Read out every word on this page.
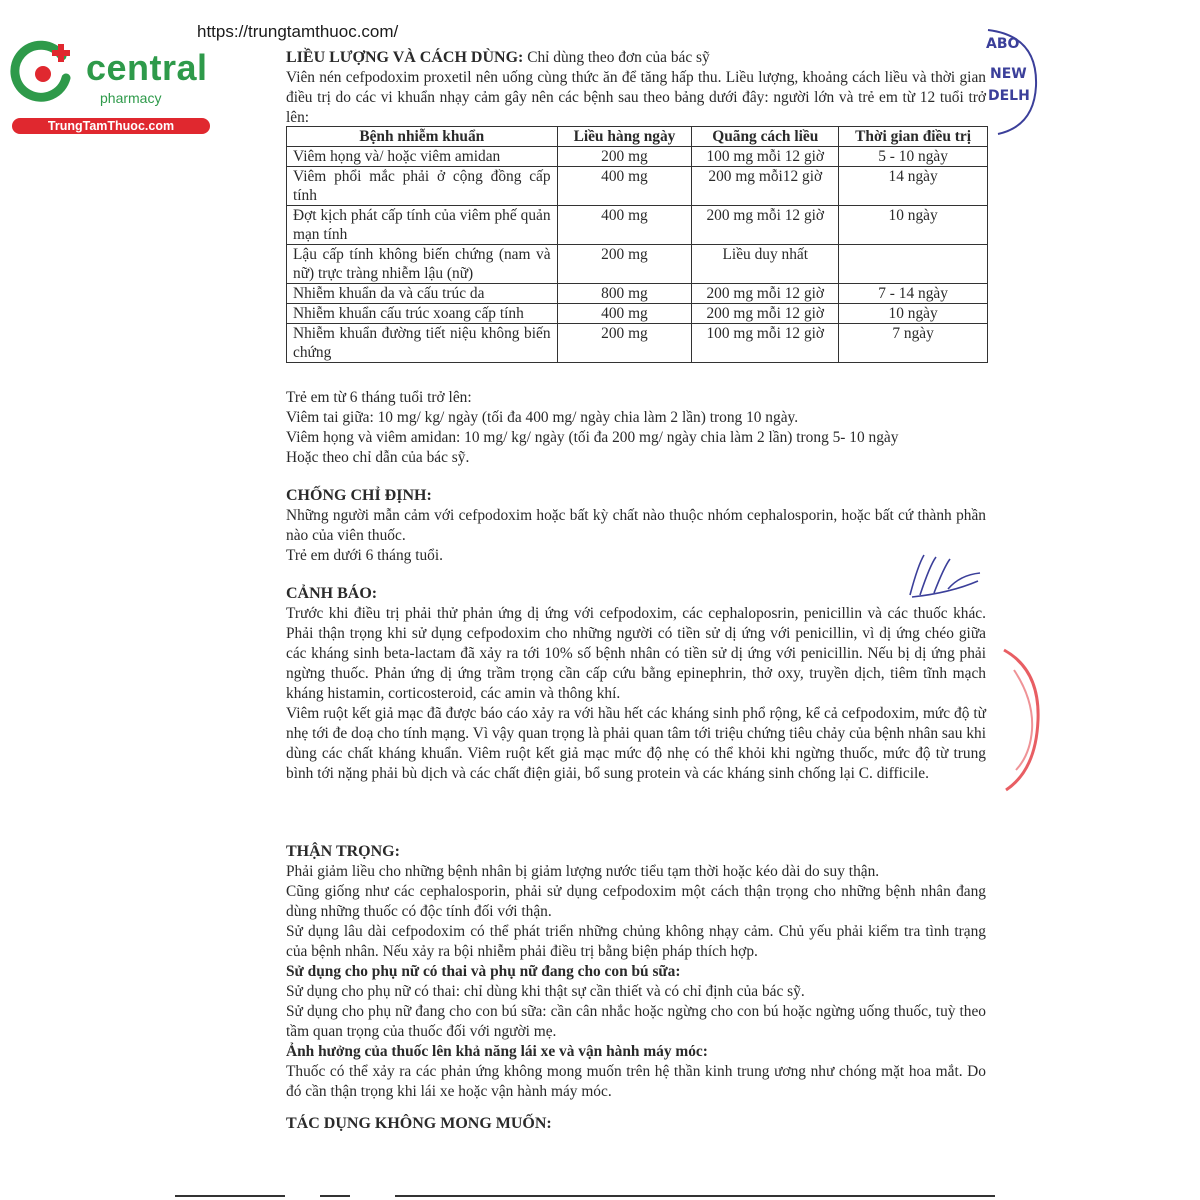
https://trungtamthuoc.com/
central
pharmacy
TrungTamThuoc.com
ABO
NEW
DELH

LIỀU LƯỢNG VÀ CÁCH DÙNG: Chỉ dùng theo đơn của bác sỹ

Viên nén cefpodoxim proxetil nên uống cùng thức ăn để tăng hấp thu. Liều lượng, khoảng cách liều và thời gian điều trị do các vi khuẩn nhạy cảm gây nên các bệnh sau theo bảng dưới đây: người lớn và trẻ em từ 12 tuổi trở lên:

Bệnh nhiễm khuẩn	Liều hàng ngày	Quãng cách liều	Thời gian điều trị
Viêm họng và/ hoặc viêm amidan	200 mg	100 mg mỗi 12 giờ	5 - 10 ngày
Viêm phổi mắc phải ở cộng đồng cấp tính	400 mg	200 mg mỗi12 giờ	14 ngày
Đợt kịch phát cấp tính của viêm phế quản mạn tính	400 mg	200 mg mỗi 12 giờ	10 ngày
Lậu cấp tính không biến chứng (nam và nữ) trực tràng nhiễm lậu (nữ)	200 mg	Liều duy nhất	
Nhiễm khuẩn da và cấu trúc da	800 mg	200 mg mỗi 12 giờ	7 - 14 ngày
Nhiễm khuẩn cấu trúc xoang cấp tính	400 mg	200 mg mỗi 12 giờ	10 ngày
Nhiễm khuẩn đường tiết niệu không biến chứng	200 mg	100 mg mỗi 12 giờ	7 ngày

Trẻ em từ 6 tháng tuổi trở lên:

Viêm tai giữa: 10 mg/ kg/ ngày (tối đa 400 mg/ ngày chia làm 2 lần) trong 10 ngày.

Viêm họng và viêm amidan: 10 mg/ kg/ ngày (tối đa 200 mg/ ngày chia làm 2 lần) trong 5- 10 ngày

Hoặc theo chỉ dẫn của bác sỹ.

CHỐNG CHỈ ĐỊNH:

Những người mẫn cảm với cefpodoxim hoặc bất kỳ chất nào thuộc nhóm cephalosporin, hoặc bất cứ thành phần nào của viên thuốc.

Trẻ em dưới 6 tháng tuổi.

CẢNH BÁO:

Trước khi điều trị phải thử phản ứng dị ứng với cefpodoxim, các cephaloposrin, penicillin và các thuốc khác. Phải thận trọng khi sử dụng cefpodoxim cho những người có tiền sử dị ứng với penicillin, vì dị ứng chéo giữa các kháng sinh beta-lactam đã xảy ra tới 10% số bệnh nhân có tiền sử dị ứng với penicillin. Nếu bị dị ứng phải ngừng thuốc. Phản ứng dị ứng trầm trọng cần cấp cứu bằng epinephrin, thở oxy, truyền dịch, tiêm tĩnh mạch kháng histamin, corticosteroid, các amin và thông khí.

Viêm ruột kết giả mạc đã được báo cáo xảy ra với hầu hết các kháng sinh phổ rộng, kể cả cefpodoxim, mức độ từ nhẹ tới đe doạ cho tính mạng. Vì vậy quan trọng là phải quan tâm tới triệu chứng tiêu chảy của bệnh nhân sau khi dùng các chất kháng khuẩn. Viêm ruột kết giả mạc mức độ nhẹ có thể khỏi khi ngừng thuốc, mức độ từ trung bình tới nặng phải bù dịch và các chất điện giải, bổ sung protein và các kháng sinh chống lại C. difficile.

THẬN TRỌNG:

Phải giảm liều cho những bệnh nhân bị giảm lượng nước tiểu tạm thời hoặc kéo dài do suy thận.

Cũng giống như các cephalosporin, phải sử dụng cefpodoxim một cách thận trọng cho những bệnh nhân đang dùng những thuốc có độc tính đối với thận.

Sử dụng lâu dài cefpodoxim có thể phát triển những chủng không nhạy cảm. Chủ yếu phải kiểm tra tình trạng của bệnh nhân. Nếu xảy ra bội nhiễm phải điều trị bằng biện pháp thích hợp.

Sử dụng cho phụ nữ có thai và phụ nữ đang cho con bú sữa:

Sử dụng cho phụ nữ có thai: chỉ dùng khi thật sự cần thiết và có chỉ định của bác sỹ.

Sử dụng cho phụ nữ đang cho con bú sữa: cần cân nhắc hoặc ngừng cho con bú hoặc ngừng uống thuốc, tuỳ theo tầm quan trọng của thuốc đối với người mẹ.

Ảnh hưởng của thuốc lên khả năng lái xe và vận hành máy móc:

Thuốc có thể xảy ra các phản ứng không mong muốn trên hệ thần kinh trung ương như chóng mặt hoa mắt. Do đó cần thận trọng khi lái xe hoặc vận hành máy móc.

TÁC DỤNG KHÔNG MONG MUỐN:
